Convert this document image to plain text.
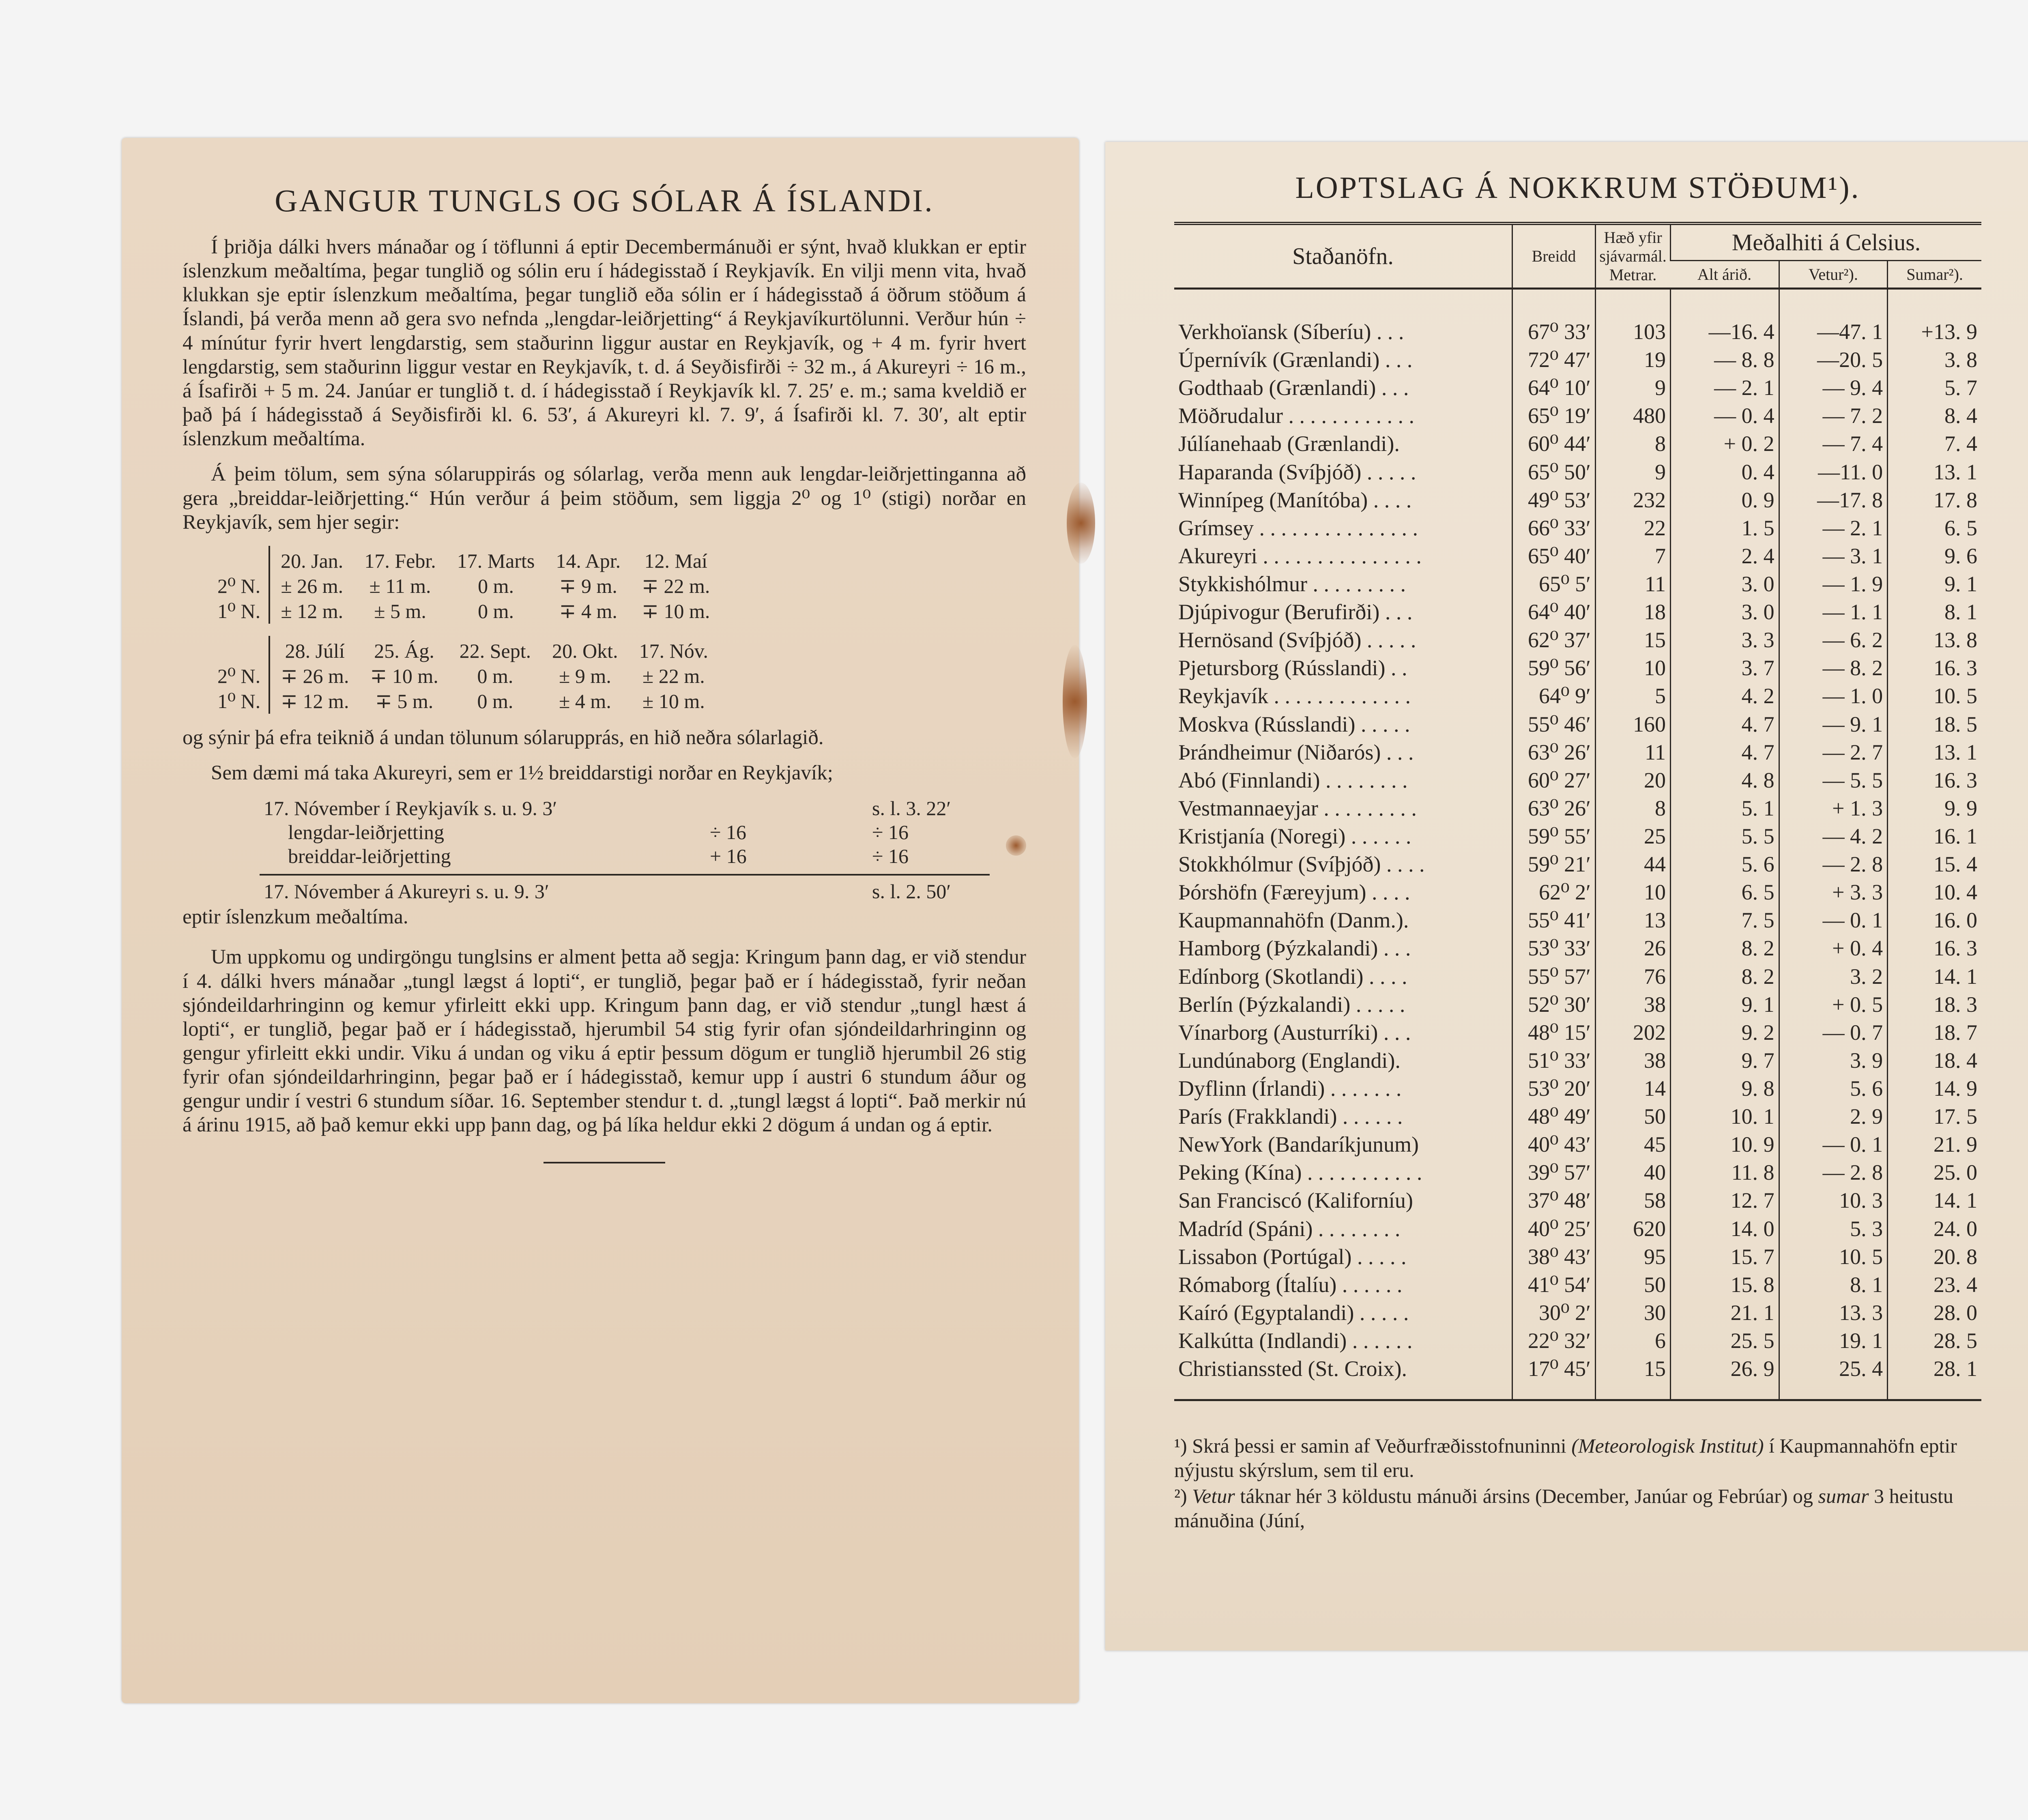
GANGUR TUNGLS OG SÓLAR Á ÍSLANDI.

Í þriðja dálki hvers mánaðar og í töflunni á eptir Decembermánuði er sýnt, hvað klukkan er eptir íslenzkum meðaltíma, þegar tunglið og sólin eru í hádegisstað í Reykjavík. En vilji menn vita, hvað klukkan sje eptir íslenzkum meðaltíma, þegar tunglið eða sólin er í hádegisstað á öðrum stöðum á Íslandi, þá verða menn að gera svo nefnda „lengdar-leiðrjetting“ á Reykjavíkurtölunni. Verður hún ÷ 4 mínútur fyrir hvert lengdarstig, sem staðurinn liggur austar en Reykjavík, og + 4 m. fyrir hvert lengdarstig, sem staðurinn liggur vestar en Reykjavík, t. d. á Seyðisfirði ÷ 32 m., á Akureyri ÷ 16 m., á Ísafirði + 5 m. 24. Janúar er tunglið t. d. í hádegisstað í Reykjavík kl. 7. 25′ e. m.; sama kveldið er það þá í hádegisstað á Seyðisfirði kl. 6. 53′, á Akureyri kl. 7. 9′, á Ísafirði kl. 7. 30′, alt eptir íslenzkum meðaltíma.

Á þeim tölum, sem sýna sólaruppirás og sólarlag, verða menn auk lengdar-leiðrjettinganna að gera „breiddar-leiðrjetting.“ Hún verður á þeim stöðum, sem liggja 2⁰ og 1⁰ (stigi) norðar en Reykjavík, sem hjer segir:

	20. Jan.	17. Febr.	17. Marts	14. Apr.	12. Maí
2⁰ N.	± 26 m.	± 11 m.	0 m.	∓ 9 m.	∓ 22 m.
1⁰ N.	± 12 m.	± 5 m.	0 m.	∓ 4 m.	∓ 10 m.
	28. Júlí	25. Ág.	22. Sept.	20. Okt.	17. Nóv.
2⁰ N.	∓ 26 m.	∓ 10 m.	0 m.	± 9 m.	± 22 m.
1⁰ N.	∓ 12 m.	∓ 5 m.	0 m.	± 4 m.	± 10 m.

og sýnir þá efra teiknið á undan tölunum sólarupprás, en hið neðra sólarlagið.

Sem dæmi má taka Akureyri, sem er 1½ breiddarstigi norðar en Reykjavík;

17. Nóvember í Reykjavík s. u. 9. 3′	s. l. 3. 22′
lengdar-leiðrjetting	÷ 16	÷ 16
breiddar-leiðrjetting	+ 16	÷ 16
17. Nóvember á Akureyri s. u. 9. 3′	s. l. 2. 50′

eptir íslenzkum meðaltíma.

Um uppkomu og undirgöngu tunglsins er alment þetta að segja: Kringum þann dag, er við stendur í 4. dálki hvers mánaðar „tungl lægst á lopti“, er tunglið, þegar það er í hádegisstað, fyrir neðan sjóndeildarhringinn og kemur yfirleitt ekki upp. Kringum þann dag, er við stendur „tungl hæst á lopti“, er tunglið, þegar það er í hádegisstað, hjerumbil 54 stig fyrir ofan sjóndeildarhringinn og gengur yfirleitt ekki undir. Viku á undan og viku á eptir þessum dögum er tunglið hjerumbil 26 stig fyrir ofan sjóndeildarhringinn, þegar það er í hádegisstað, kemur upp í austri 6 stundum áður og gengur undir í vestri 6 stundum síðar. 16. September stendur t. d. „tungl lægst á lopti“. Það merkir nú á árinu 1915, að það kemur ekki upp þann dag, og þá líka heldur ekki 2 dögum á undan og á eptir.

LOPTSLAG Á NOKKRUM STÖÐUM¹).
Staðanöfn.	Breidd	Hæð yfir sjávarmál. Metrar.	Meðalhiti á Celsius.		
			Alt árið.	Vetur²).	Sumar²).
Verkhoïansk (Síberíu) . . .	67⁰ 33′	103	—16. 4	—47. 1	+13. 9
Úpernívík (Grænlandi) . . .	72⁰ 47′	19	— 8. 8	—20. 5	3. 8
Godthaab (Grænlandi) . . .	64⁰ 10′	9	— 2. 1	— 9. 4	5. 7
Möðrudalur . . . . . . . . . . . .	65⁰ 19′	480	— 0. 4	— 7. 2	8. 4
Júlíanehaab (Grænlandi).	60⁰ 44′	8	+ 0. 2	— 7. 4	7. 4
Haparanda (Svíþjóð) . . . . .	65⁰ 50′	9	0. 4	—11. 0	13. 1
Winnípeg (Manítóba) . . . .	49⁰ 53′	232	0. 9	—17. 8	17. 8
Grímsey . . . . . . . . . . . . . . .	66⁰ 33′	22	1. 5	— 2. 1	6. 5
Akureyri . . . . . . . . . . . . . . .	65⁰ 40′	7	2. 4	— 3. 1	9. 6
Stykkishólmur . . . . . . . . .	65⁰ 5′	11	3. 0	— 1. 9	9. 1
Djúpivogur (Berufirði) . . .	64⁰ 40′	18	3. 0	— 1. 1	8. 1
Hernösand (Svíþjóð) . . . . .	62⁰ 37′	15	3. 3	— 6. 2	13. 8
Pjetursborg (Rússlandi) . .	59⁰ 56′	10	3. 7	— 8. 2	16. 3
Reykjavík . . . . . . . . . . . . .	64⁰ 9′	5	4. 2	— 1. 0	10. 5
Moskva (Rússlandi) . . . . .	55⁰ 46′	160	4. 7	— 9. 1	18. 5
Þrándheimur (Niðarós) . . .	63⁰ 26′	11	4. 7	— 2. 7	13. 1
Abó (Finnlandi) . . . . . . . .	60⁰ 27′	20	4. 8	— 5. 5	16. 3
Vestmannaeyjar . . . . . . . . .	63⁰ 26′	8	5. 1	+ 1. 3	9. 9
Kristjanía (Noregi) . . . . . .	59⁰ 55′	25	5. 5	— 4. 2	16. 1
Stokkhólmur (Svíþjóð) . . . .	59⁰ 21′	44	5. 6	— 2. 8	15. 4
Þórshöfn (Færeyjum) . . . .	62⁰ 2′	10	6. 5	+ 3. 3	10. 4
Kaupmannahöfn (Danm.).	55⁰ 41′	13	7. 5	— 0. 1	16. 0
Hamborg (Þýzkalandi) . . .	53⁰ 33′	26	8. 2	+ 0. 4	16. 3
Edínborg (Skotlandi) . . . .	55⁰ 57′	76	8. 2	3. 2	14. 1
Berlín (Þýzkalandi) . . . . .	52⁰ 30′	38	9. 1	+ 0. 5	18. 3
Vínarborg (Austurríki) . . .	48⁰ 15′	202	9. 2	— 0. 7	18. 7
Lundúnaborg (Englandi).	51⁰ 33′	38	9. 7	3. 9	18. 4
Dyflinn (Írlandi) . . . . . . .	53⁰ 20′	14	9. 8	5. 6	14. 9
París (Frakklandi) . . . . . .	48⁰ 49′	50	10. 1	2. 9	17. 5
NewYork (Bandaríkjunum)	40⁰ 43′	45	10. 9	— 0. 1	21. 9
Peking (Kína) . . . . . . . . . . .	39⁰ 57′	40	11. 8	— 2. 8	25. 0
San Franciscó (Kaliforníu)	37⁰ 48′	58	12. 7	10. 3	14. 1
Madríd (Spáni) . . . . . . . .	40⁰ 25′	620	14. 0	5. 3	24. 0
Lissabon (Portúgal) . . . . .	38⁰ 43′	95	15. 7	10. 5	20. 8
Rómaborg (Ítalíu) . . . . . .	41⁰ 54′	50	15. 8	8. 1	23. 4
Kaíró (Egyptalandi) . . . . .	30⁰ 2′	30	21. 1	13. 3	28. 0
Kalkútta (Indlandi) . . . . . .	22⁰ 32′	6	25. 5	19. 1	28. 5
Christianssted (St. Croix).	17⁰ 45′	15	26. 9	25. 4	28. 1

¹) Skrá þessi er samin af Veðurfræðisstofnuninni (Meteorologisk Institut) í Kaupmannahöfn eptir nýjustu skýrslum, sem til eru.

²) Vetur táknar hér 3 köldustu mánuði ársins (December, Janúar og Febrúar) og sumar 3 heitustu mánuðina (Júní,
